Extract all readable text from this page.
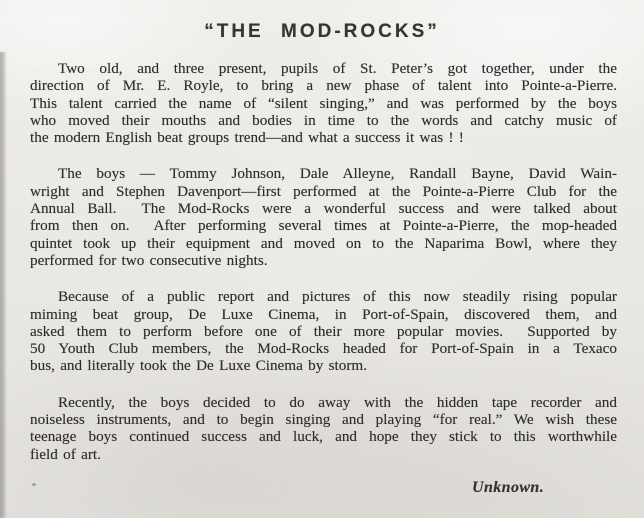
“THE MOD-ROCKS”
Two old, and three present, pupils of St. Peter’s got together, under the
direction of Mr. E. Royle, to bring a new phase of talent into Pointe-a-Pierre.
This talent carried the name of “silent singing,” and was performed by the boys
who moved their mouths and bodies in time to the words and catchy music of
the modern English beat groups trend—and what a success it was ! !
The boys — Tommy Johnson, Dale Alleyne, Randall Bayne, David Wain-
wright and Stephen Davenport—first performed at the Pointe-a-Pierre Club for the
Annual Ball.  The Mod-Rocks were a wonderful success and were talked about
from then on.  After performing several times at Pointe-a-Pierre, the mop-headed
quintet took up their equipment and moved on to the Naparima Bowl, where they
performed for two consecutive nights.
Because of a public report and pictures of this now steadily rising popular
miming beat group, De Luxe Cinema, in Port-of-Spain, discovered them, and
asked them to perform before one of their more popular movies.  Supported by
50 Youth Club members, the Mod-Rocks headed for Port-of-Spain in a Texaco
bus, and literally took the De Luxe Cinema by storm.
Recently, the boys decided to do away with the hidden tape recorder and
noiseless instruments, and to begin singing and playing “for real.” We wish these
teenage boys continued success and luck, and hope they stick to this worthwhile
field of art.
Unknown.
